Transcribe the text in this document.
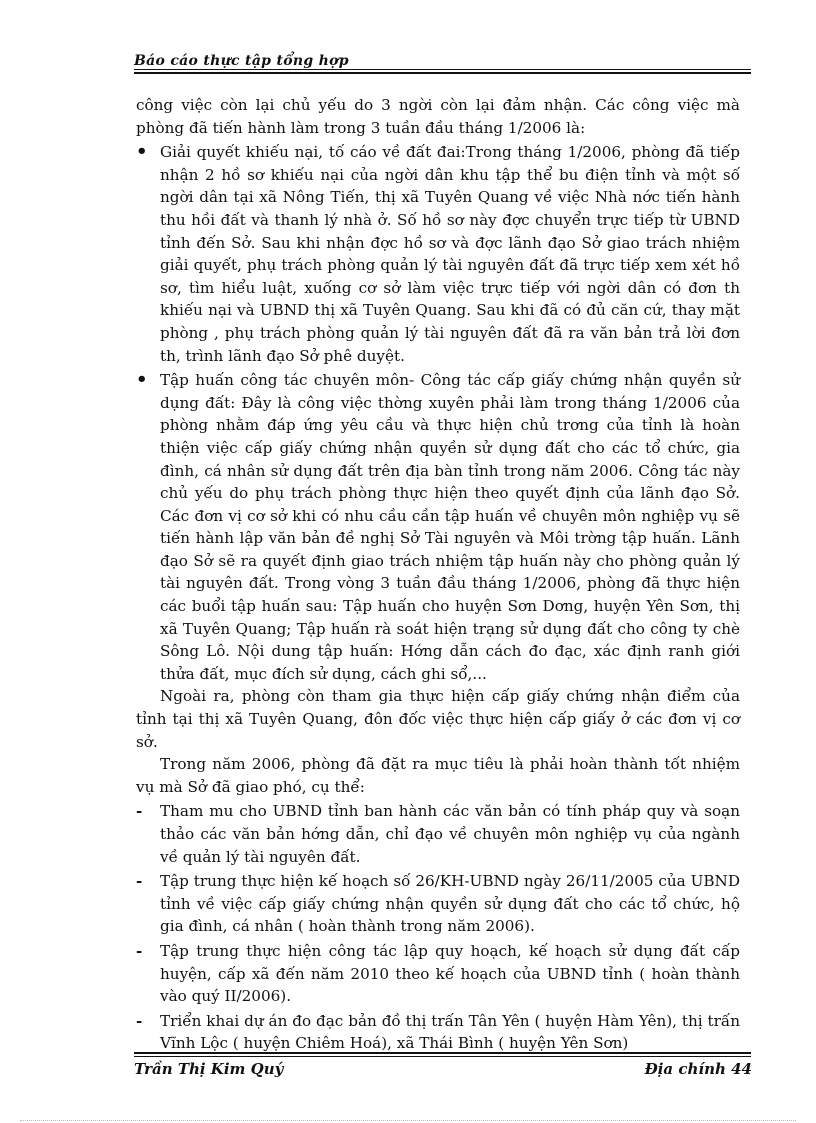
Báo cáo thực tập tổng hợp

công việc còn lại chủ yếu do 3 ngời còn lại đảm nhận. Các công việc mà phòng đã tiến hành làm trong 3 tuần đầu tháng 1/2006 là:

• Giải quyết khiếu nại, tố cáo về đất đai:Trong tháng 1/2006, phòng đã tiếp nhận 2 hồ sơ khiếu nại của ngời dân khu tập thể bu điện tỉnh và một số ngời dân tại xã Nông Tiến, thị xã Tuyên Quang về việc Nhà nớc tiến hành thu hồi đất và thanh lý nhà ở. Số hồ sơ này đợc chuyển trực tiếp từ UBND tỉnh đến Sở. Sau khi nhận đợc hồ sơ và đợc lãnh đạo Sở giao trách nhiệm giải quyết, phụ trách phòng quản lý tài nguyên đất đã trực tiếp xem xét hồ sơ, tìm hiểu luật, xuống cơ sở làm việc trực tiếp với ngời dân có đơn th khiếu nại và UBND thị xã Tuyên Quang. Sau khi đã có đủ căn cứ, thay mặt phòng , phụ trách phòng quản lý tài nguyên đất đã ra văn bản trả lời đơn th, trình lãnh đạo Sở phê duyệt.
• Tập huấn công tác chuyên môn- Công tác cấp giấy chứng nhận quyền sử dụng đất: Đây là công việc thờng xuyên phải làm trong tháng 1/2006 của phòng nhằm đáp ứng yêu cầu và thực hiện chủ trơng của tỉnh là hoàn thiện việc cấp giấy chứng nhận quyền sử dụng đất cho các tổ chức, gia đình, cá nhân sử dụng đất trên địa bàn tỉnh trong năm 2006. Công tác này chủ yếu do phụ trách phòng thực hiện theo quyết định của lãnh đạo Sở. Các đơn vị cơ sở khi có nhu cầu cần tập huấn về chuyên môn nghiệp vụ sẽ tiến hành lập văn bản đề nghị Sở Tài nguyên và Môi trờng tập huấn. Lãnh đạo Sở sẽ ra quyết định giao trách nhiệm tập huấn này cho phòng quản lý tài nguyên đất. Trong vòng 3 tuần đầu tháng 1/2006, phòng đã thực hiện các buổi tập huấn sau: Tập huấn cho huyện Sơn Dơng, huyện Yên Sơn, thị xã Tuyên Quang; Tập huấn rà soát hiện trạng sử dụng đất cho công ty chè Sông Lô. Nội dung tập huấn: Hớng dẫn cách đo đạc, xác định ranh giới thửa đất, mục đích sử dụng, cách ghi sổ,...

Ngoài ra, phòng còn tham gia thực hiện cấp giấy chứng nhận điểm của tỉnh tại thị xã Tuyên Quang, đôn đốc việc thực hiện cấp giấy ở các đơn vị cơ sở.

Trong năm 2006, phòng đã đặt ra mục tiêu là phải hoàn thành tốt nhiệm vụ mà Sở đã giao phó, cụ thể:

- Tham mu cho UBND tỉnh ban hành các văn bản có tính pháp quy và soạn thảo các văn bản hớng dẫn, chỉ đạo về chuyên môn nghiệp vụ của ngành về quản lý tài nguyên đất.
- Tập trung thực hiện kế hoạch số 26/KH-UBND ngày 26/11/2005 của UBND tỉnh về việc cấp giấy chứng nhận quyền sử dụng đất cho các tổ chức, hộ gia đình, cá nhân ( hoàn thành trong năm 2006).
- Tập trung thực hiện công tác lập quy hoạch, kế hoạch sử dụng đất cấp huyện, cấp xã đến năm 2010 theo kế hoạch của UBND tỉnh ( hoàn thành vào quý II/2006).
- Triển khai dự án đo đạc bản đồ thị trấn Tân Yên ( huyện Hàm Yên), thị trấn Vĩnh Lộc ( huyện Chiêm Hoá), xã Thái Bình ( huyện Yên Sơn)
Trần Thị Kim Quý	Địa chính 44
